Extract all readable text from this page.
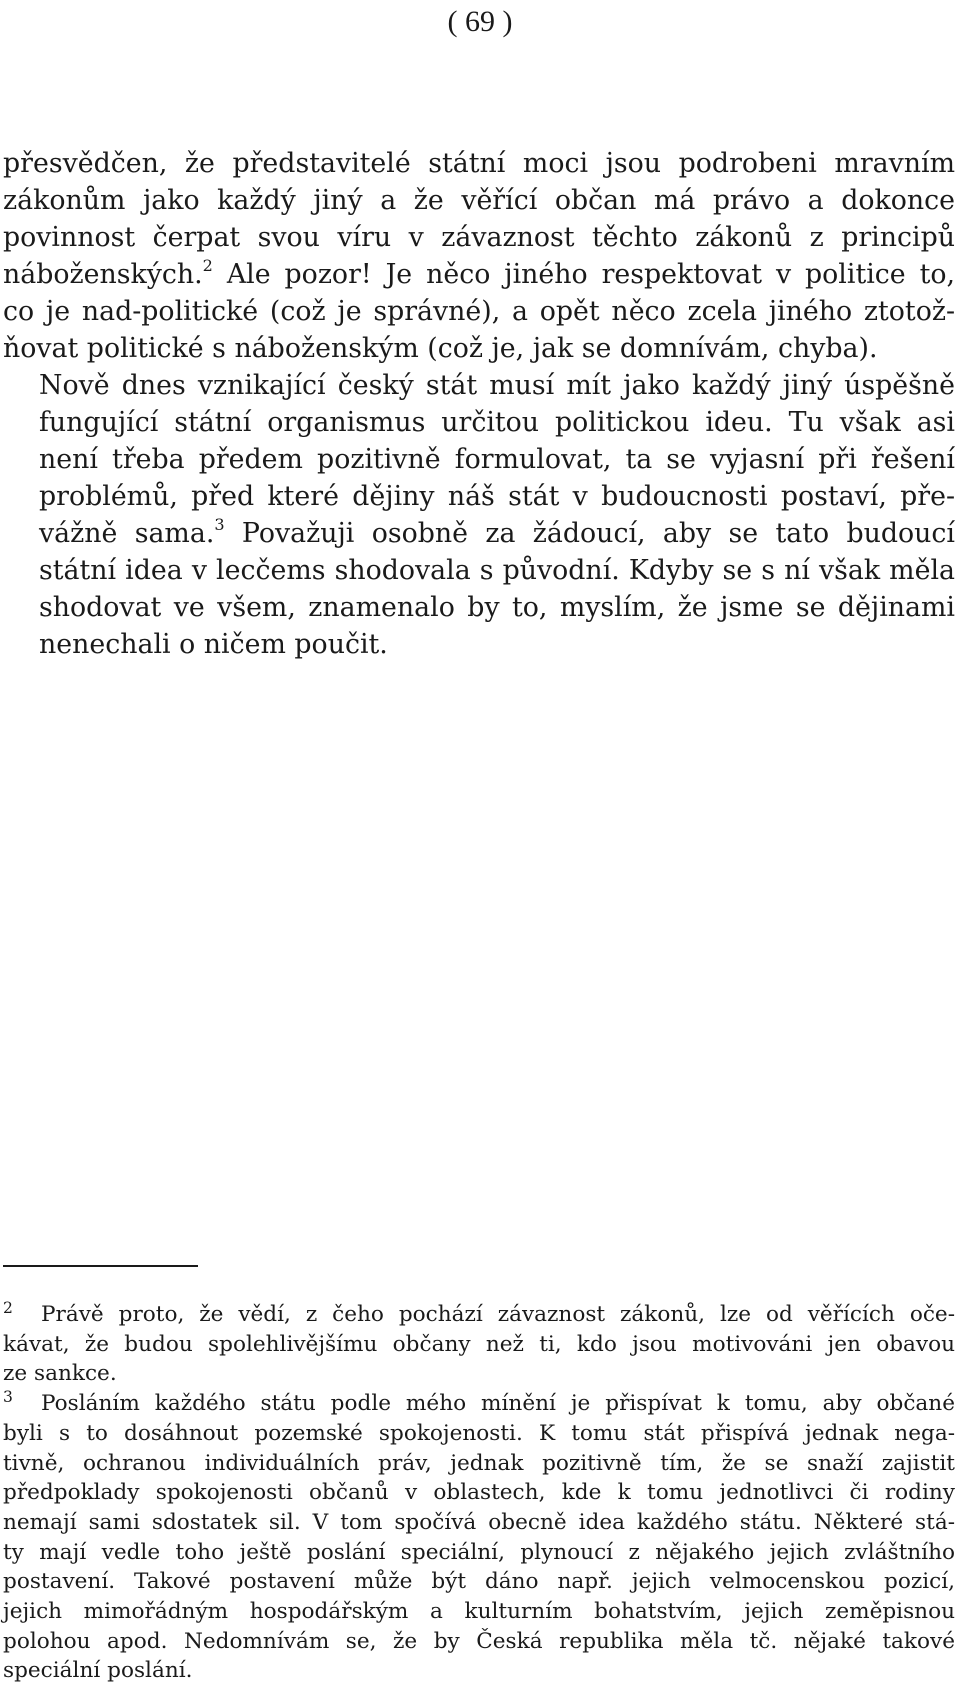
( 69 )

přesvědčen, že představitelé státní moci jsou podrobeni mravním
zákonům jako každý jiný a že věřící občan má právo a dokonce
povinnost čerpat svou víru v závaznost těchto zákonů z principů
náboženských.$^2$ Ale pozor! Je něco jiného respektovat v politice to,
co je nad-politické (což je správné), a opět něco zcela jiného ztotož-
ňovat politické s náboženským (což je, jak se domnívám, chyba).

Nově dnes vznikající český stát musí mít jako každý jiný úspěšně
fungující státní organismus určitou politickou ideu. Tu však asi
není třeba předem pozitivně formulovat, ta se vyjasní při řešení
problémů, před které dějiny náš stát v budoucnosti postaví, pře-
vážně sama.$^3$ Považuji osobně za žádoucí, aby se tato budoucí
státní idea v lecčems shodovala s původní. Kdyby se s ní však měla
shodovat ve všem, znamenalo by to, myslím, že jsme se dějinami
nenechali o ničem poučit.

2 Právě proto, že vědí, z čeho pochází závaznost zákonů, lze od věřících oče-
kávat, že budou spolehlivějšímu občany než ti, kdo jsou motivováni jen obavou
ze sankce.
3 Posláním každého státu podle mého mínění je přispívat k tomu, aby občané
byli s to dosáhnout pozemské spokojenosti. K tomu stát přispívá jednak nega-
tivně, ochranou individuálních práv, jednak pozitivně tím, že se snaží zajistit
předpoklady spokojenosti občanů v oblastech, kde k tomu jednotlivci či rodiny
nemají sami sdostatek sil. V tom spočívá obecně idea každého státu. Některé stá-
ty mají vedle toho ještě poslání speciální, plynoucí z nějakého jejich zvláštního
postavení. Takové postavení může být dáno např. jejich velmocenskou pozicí,
jejich mimořádným hospodářským a kulturním bohatstvím, jejich zeměpisnou
polohou apod. Nedomnívám se, že by Česká republika měla tč. nějaké takové
speciální poslání.
